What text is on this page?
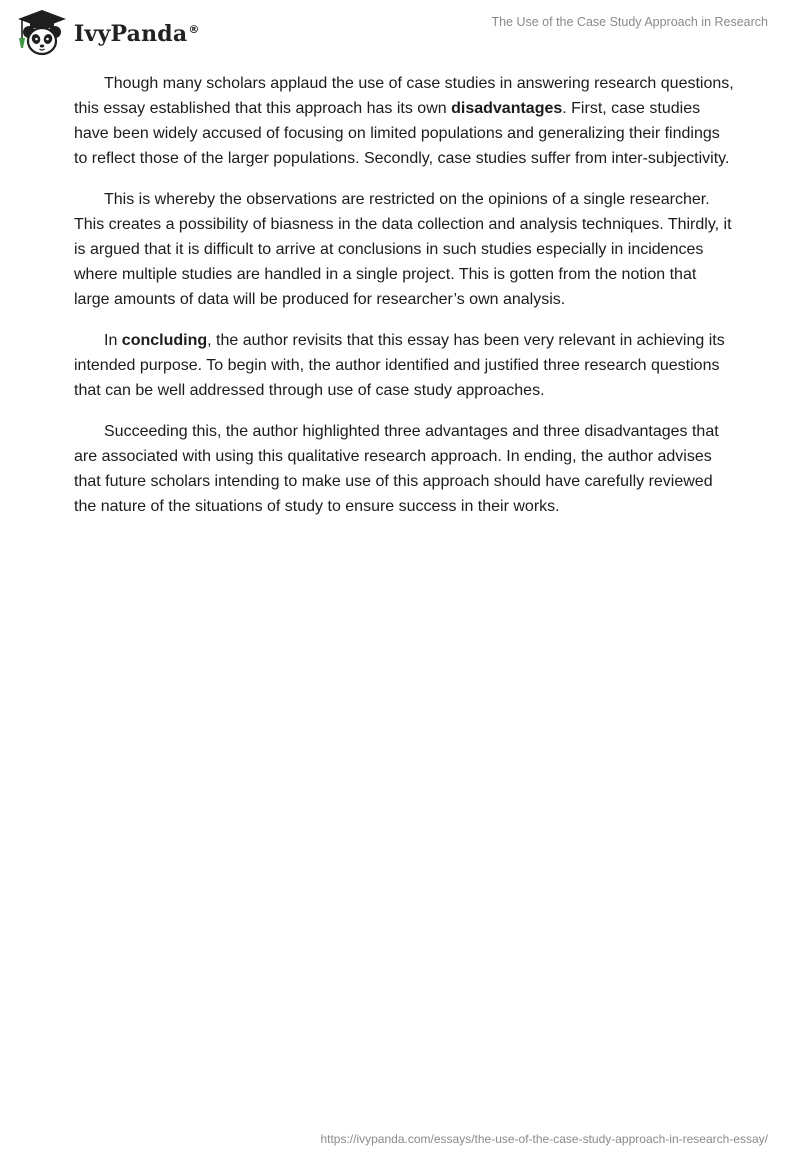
IvyPanda®
The Use of the Case Study Approach in Research

Though many scholars applaud the use of case studies in answering research questions, this essay established that this approach has its own disadvantages. First, case studies have been widely accused of focusing on limited populations and generalizing their findings to reflect those of the larger populations. Secondly, case studies suffer from inter-subjectivity.

This is whereby the observations are restricted on the opinions of a single researcher. This creates a possibility of biasness in the data collection and analysis techniques. Thirdly, it is argued that it is difficult to arrive at conclusions in such studies especially in incidences where multiple studies are handled in a single project. This is gotten from the notion that large amounts of data will be produced for researcher’s own analysis.

In concluding, the author revisits that this essay has been very relevant in achieving its intended purpose. To begin with, the author identified and justified three research questions that can be well addressed through use of case study approaches.

Succeeding this, the author highlighted three advantages and three disadvantages that are associated with using this qualitative research approach. In ending, the author advises that future scholars intending to make use of this approach should have carefully reviewed the nature of the situations of study to ensure success in their works.

https://ivypanda.com/essays/the-use-of-the-case-study-approach-in-research-essay/
